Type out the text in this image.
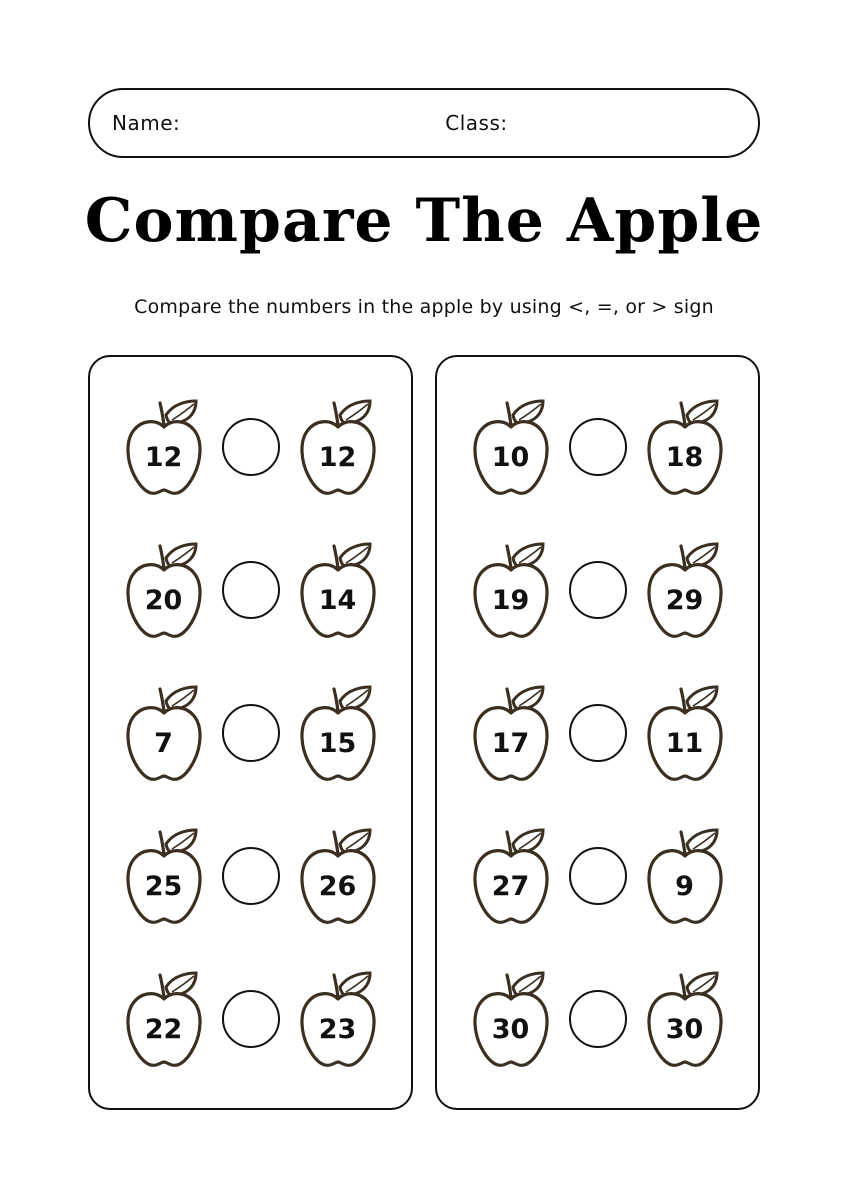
Name:	Class:
Compare The Apple
Compare the numbers in the apple by using <, =, or > sign
12	12
20	14
7	15
25	26
22	23
10	18
19	29
17	11
27	9
30	30
